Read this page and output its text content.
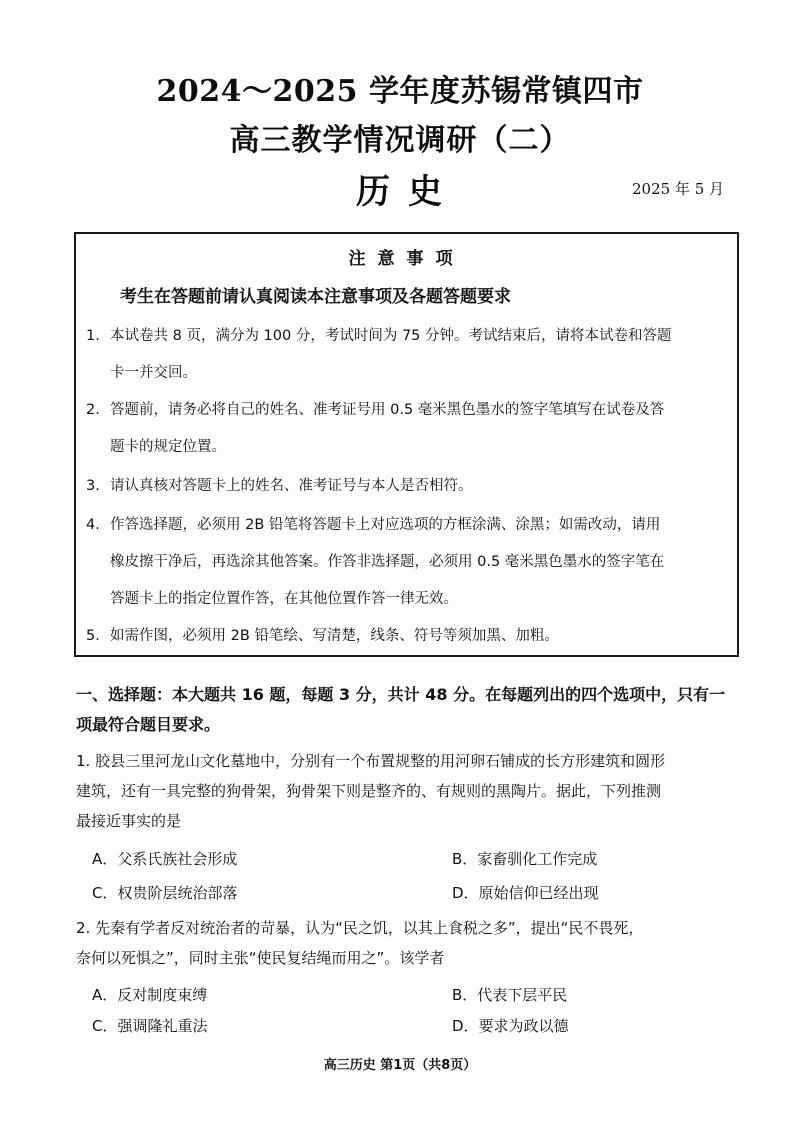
2024～2025 学年度苏锡常镇四市
高三教学情况调研（二）
历史	2025 年 5 月
注意事项
考生在答题前请认真阅读本注意事项及各题答题要求
1. 本试卷共 8 页，满分为 100 分，考试时间为 75 分钟。考试结束后，请将本试卷和答题
卡一并交回。
2. 答题前，请务必将自己的姓名、准考证号用 0.5 毫米黑色墨水的签字笔填写在试卷及答
题卡的规定位置。
3. 请认真核对答题卡上的姓名、准考证号与本人是否相符。
4. 作答选择题，必须用 2B 铅笔将答题卡上对应选项的方框涂满、涂黑；如需改动，请用
橡皮擦干净后，再选涂其他答案。作答非选择题，必须用 0.5 毫米黑色墨水的签字笔在
答题卡上的指定位置作答，在其他位置作答一律无效。
5. 如需作图，必须用 2B 铅笔绘、写清楚，线条、符号等须加黑、加粗。
一、选择题：本大题共 16 题，每题 3 分，共计 48 分。在每题列出的四个选项中，只有一
项最符合题目要求。
1. 胶县三里河龙山文化墓地中，分别有一个布置规整的用河卵石铺成的长方形建筑和圆形
建筑，还有一具完整的狗骨架，狗骨架下则是整齐的、有规则的黑陶片。据此，下列推测
最接近事实的是
A．父系氏族社会形成	B．家畜驯化工作完成
C．权贵阶层统治部落	D．原始信仰已经出现
2. 先秦有学者反对统治者的苛暴，认为“民之饥，以其上食税之多”，提出“民不畏死，
奈何以死惧之”，同时主张“使民复结绳而用之”。该学者
A．反对制度束缚	B．代表下层平民
C．强调隆礼重法	D．要求为政以德
高三历史 第1页（共8页）
